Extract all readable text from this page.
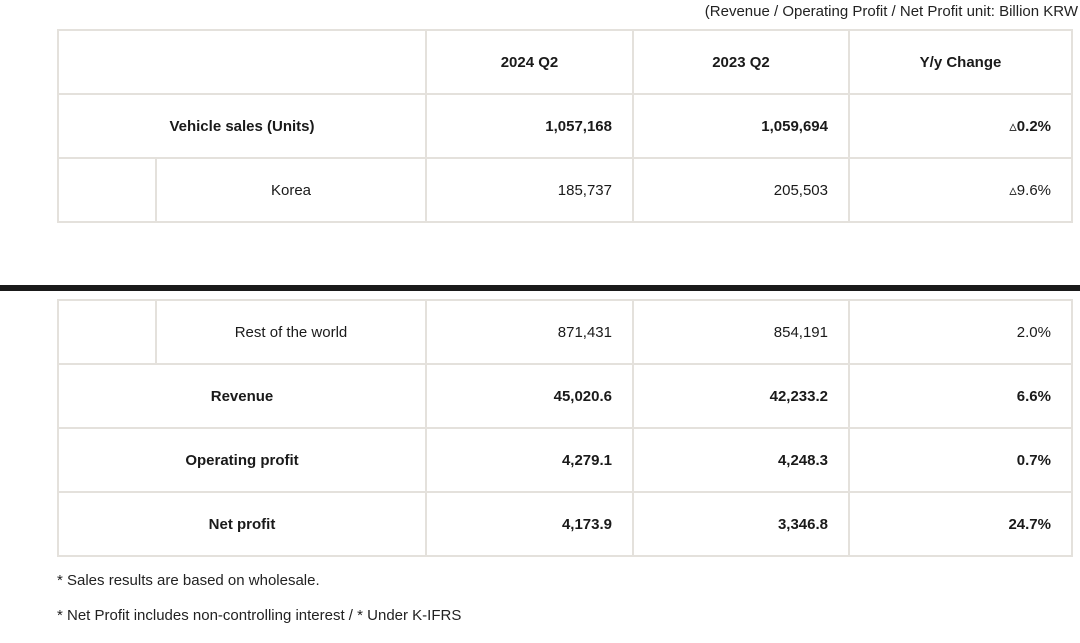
(Revenue / Operating Profit / Net Profit unit: Billion KRW
		2024 Q2	2023 Q2	Y/y Change
Vehicle sales (Units)		1,057,168	1,059,694	▵0.2%
	Korea	185,737	205,503	▵9.6%
	Rest of the world	871,431	854,191	2.0%
Revenue		45,020.6	42,233.2	6.6%
Operating profit		4,279.1	4,248.3	0.7%
Net profit		4,173.9	3,346.8	24.7%
* Sales results are based on wholesale.
* Net Profit includes non-controlling interest / * Under K-IFRS
